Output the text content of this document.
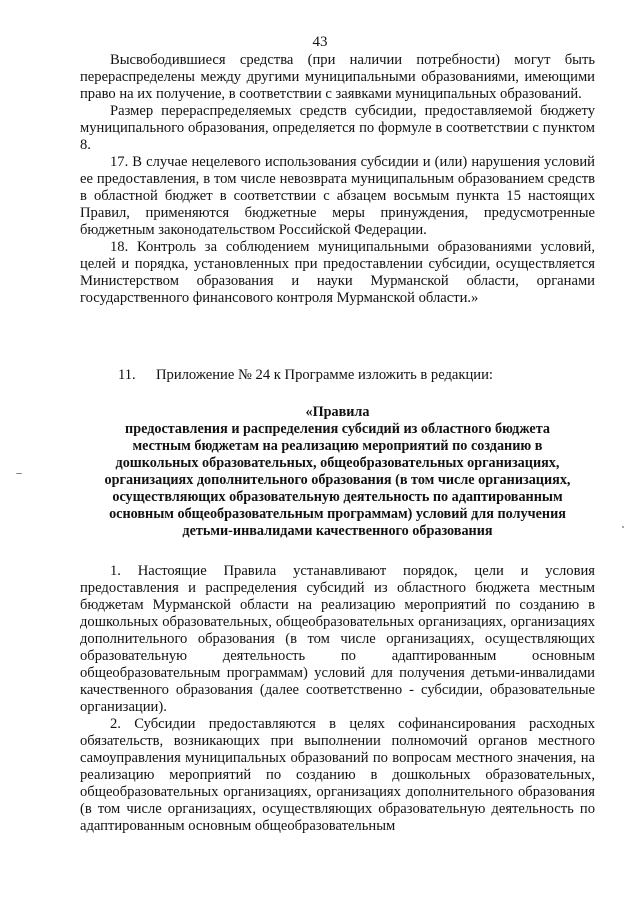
43

Высвободившиеся средства (при наличии потребности) могут быть перераспределены между другими муниципальными образованиями, имеющими право на их получение, в соответствии с заявками муниципальных образований.

Размер перераспределяемых средств субсидии, предоставляемой бюджету муниципального образования, определяется по формуле в соответствии с пунктом 8.

17. В случае нецелевого использования субсидии и (или) нарушения условий ее предоставления, в том числе невозврата муниципальным образованием средств в областной бюджет в соответствии с абзацем восьмым пункта 15 настоящих Правил, применяются бюджетные меры принуждения, предусмотренные бюджетным законодательством Российской Федерации.

18. Контроль за соблюдением муниципальными образованиями условий, целей и порядка, установленных при предоставлении субсидии, осуществляется Министерством образования и науки Мурманской области, органами государственного финансового контроля Мурманской области.»

11. Приложение № 24 к Программе изложить в редакции:
«Правила
предоставления и распределения субсидий из областного бюджета
местным бюджетам на реализацию мероприятий по созданию в
дошкольных образовательных, общеобразовательных организациях,
организациях дополнительного образования (в том числе организациях,
осуществляющих образовательную деятельность по адаптированным
основным общеобразовательным программам) условий для получения
детьми-инвалидами качественного образования

1. Настоящие Правила устанавливают порядок, цели и условия предоставления и распределения субсидий из областного бюджета местным бюджетам Мурманской области на реализацию мероприятий по созданию в дошкольных образовательных, общеобразовательных организациях, организациях дополнительного образования (в том числе организациях, осуществляющих образовательную деятельность по адаптированным основным общеобразовательным программам) условий для получения детьми-инвалидами качественного образования (далее соответственно - субсидии, образовательные организации).

2. Субсидии предоставляются в целях софинансирования расходных обязательств, возникающих при выполнении полномочий органов местного самоуправления муниципальных образований по вопросам местного значения, на реализацию мероприятий по созданию в дошкольных образовательных, общеобразовательных организациях, организациях дополнительного образования (в том числе организациях, осуществляющих образовательную деятельность по адаптированным основным общеобразовательным
